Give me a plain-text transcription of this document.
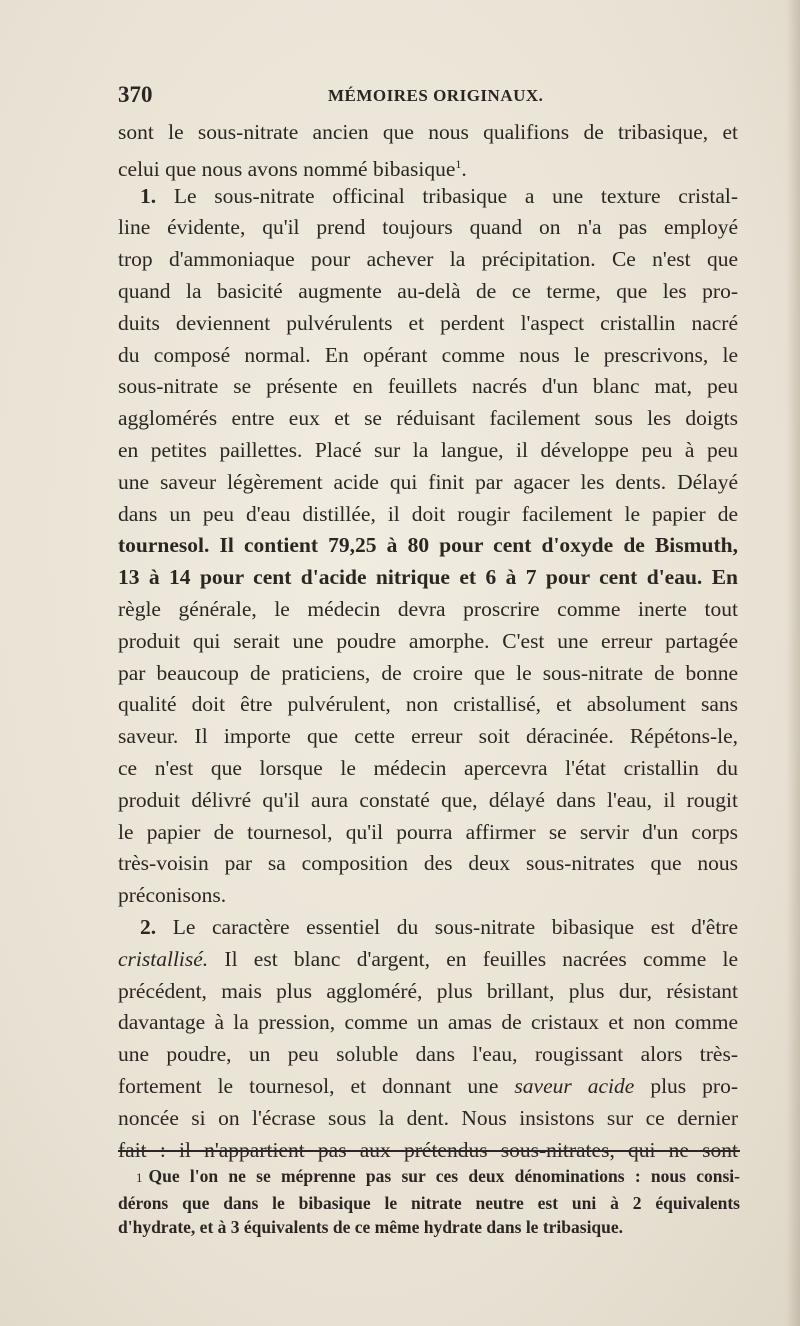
370	MÉMOIRES ORIGINAUX.
sont le sous-nitrate ancien que nous qualifions de tribasique, et
celui que nous avons nommé bibasique$^1$.
1. Le sous-nitrate officinal tribasique a une texture cristal-
line évidente, qu'il prend toujours quand on n'a pas employé
trop d'ammoniaque pour achever la précipitation. Ce n'est que
quand la basicité augmente au-delà de ce terme, que les pro-
duits deviennent pulvérulents et perdent l'aspect cristallin nacré
du composé normal. En opérant comme nous le prescrivons, le
sous-nitrate se présente en feuillets nacrés d'un blanc mat, peu
agglomérés entre eux et se réduisant facilement sous les doigts
en petites paillettes. Placé sur la langue, il développe peu à peu
une saveur légèrement acide qui finit par agacer les dents. Délayé
dans un peu d'eau distillée, il doit rougir facilement le papier de
tournesol. Il contient 79,25 à 80 pour cent d'oxyde de Bismuth,
13 à 14 pour cent d'acide nitrique et 6 à 7 pour cent d'eau. En
règle générale, le médecin devra proscrire comme inerte tout
produit qui serait une poudre amorphe. C'est une erreur partagée
par beaucoup de praticiens, de croire que le sous-nitrate de bonne
qualité doit être pulvérulent, non cristallisé, et absolument sans
saveur. Il importe que cette erreur soit déracinée. Répétons-le,
ce n'est que lorsque le médecin apercevra l'état cristallin du
produit délivré qu'il aura constaté que, délayé dans l'eau, il rougit
le papier de tournesol, qu'il pourra affirmer se servir d'un corps
très-voisin par sa composition des deux sous-nitrates que nous
préconisons.
2. Le caractère essentiel du sous-nitrate bibasique est d'être
cristallisé. Il est blanc d'argent, en feuilles nacrées comme le
précédent, mais plus aggloméré, plus brillant, plus dur, résistant
davantage à la pression, comme un amas de cristaux et non comme
une poudre, un peu soluble dans l'eau, rougissant alors très-
fortement le tournesol, et donnant une saveur acide plus pro-
noncée si on l'écrase sous la dent. Nous insistons sur ce dernier
fait : il n'appartient pas aux prétendus sous-nitrates, qui ne sont
1 Que l'on ne se méprenne pas sur ces deux dénominations : nous consi-
dérons que dans le bibasique le nitrate neutre est uni à 2 équivalents
d'hydrate, et à 3 équivalents de ce même hydrate dans le tribasique.
